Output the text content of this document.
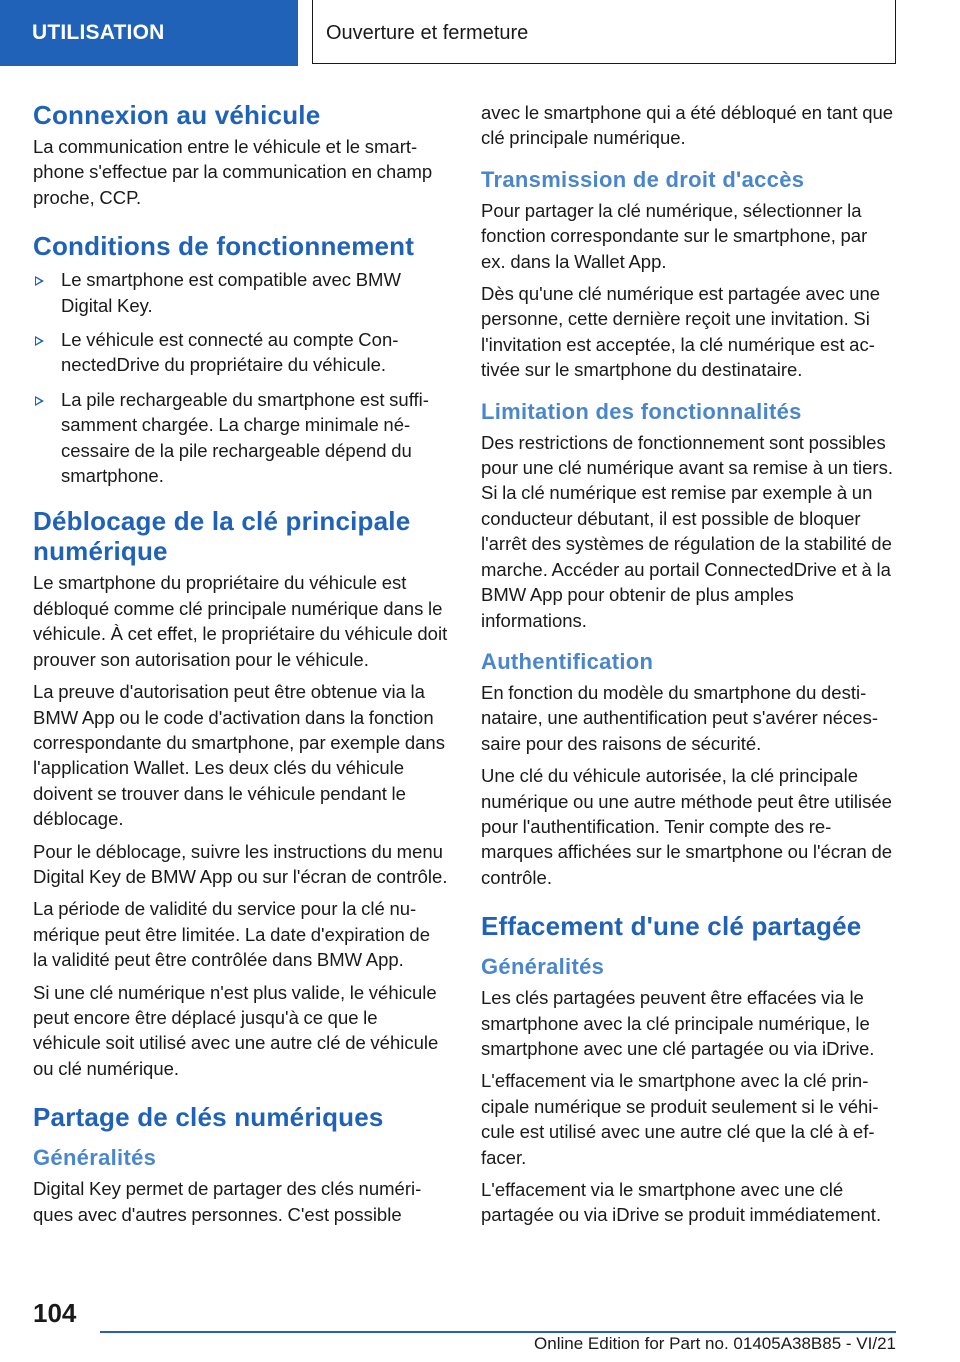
UTILISATION	Ouverture et fermeture
Connexion au véhicule

La communication entre le véhicule et le smartphone s'effectue par la communication en champ proche, CCP.

Conditions de fonctionnement
Le smartphone est compatible avec BMW Digital Key.
Le véhicule est connecté au compte ConnectedDrive du propriétaire du véhicule.
La pile rechargeable du smartphone est suffisamment chargée. La charge minimale nécessaire de la pile rechargeable dépend du smartphone.
Déblocage de la clé principale numérique

Le smartphone du propriétaire du véhicule est débloqué comme clé principale numérique dans le véhicule. À cet effet, le propriétaire du véhicule doit prouver son autorisation pour le véhicule.

La preuve d'autorisation peut être obtenue via la BMW App ou le code d'activation dans la fonction correspondante du smartphone, par exemple dans l'application Wallet. Les deux clés du véhicule doivent se trouver dans le véhicule pendant le déblocage.

Pour le déblocage, suivre les instructions du menu Digital Key de BMW App ou sur l'écran de contrôle.

La période de validité du service pour la clé numérique peut être limitée. La date d'expiration de la validité peut être contrôlée dans BMW App.

Si une clé numérique n'est plus valide, le véhicule peut encore être déplacé jusqu'à ce que le véhicule soit utilisé avec une autre clé de véhicule ou clé numérique.

Partage de clés numériques
Généralités

Digital Key permet de partager des clés numériques avec d'autres personnes. C'est possible

avec le smartphone qui a été débloqué en tant que clé principale numérique.

Transmission de droit d'accès

Pour partager la clé numérique, sélectionner la fonction correspondante sur le smartphone, par ex. dans la Wallet App.

Dès qu'une clé numérique est partagée avec une personne, cette dernière reçoit une invitation. Si l'invitation est acceptée, la clé numérique est activée sur le smartphone du destinataire.

Limitation des fonctionnalités

Des restrictions de fonctionnement sont possibles pour une clé numérique avant sa remise à un tiers. Si la clé numérique est remise par exemple à un conducteur débutant, il est possible de bloquer l'arrêt des systèmes de régulation de la stabilité de marche. Accéder au portail ConnectedDrive et à la BMW App pour obtenir de plus amples informations.

Authentification

En fonction du modèle du smartphone du destinataire, une authentification peut s'avérer nécessaire pour des raisons de sécurité.

Une clé du véhicule autorisée, la clé principale numérique ou une autre méthode peut être utilisée pour l'authentification. Tenir compte des remarques affichées sur le smartphone ou l'écran de contrôle.

Effacement d'une clé partagée
Généralités

Les clés partagées peuvent être effacées via le smartphone avec la clé principale numérique, le smartphone avec une clé partagée ou via iDrive.

L'effacement via le smartphone avec la clé principale numérique se produit seulement si le véhicule est utilisé avec une autre clé que la clé à effacer.

L'effacement via le smartphone avec une clé partagée ou via iDrive se produit immédiatement.

104
Online Edition for Part no. 01405A38B85 - VI/21
